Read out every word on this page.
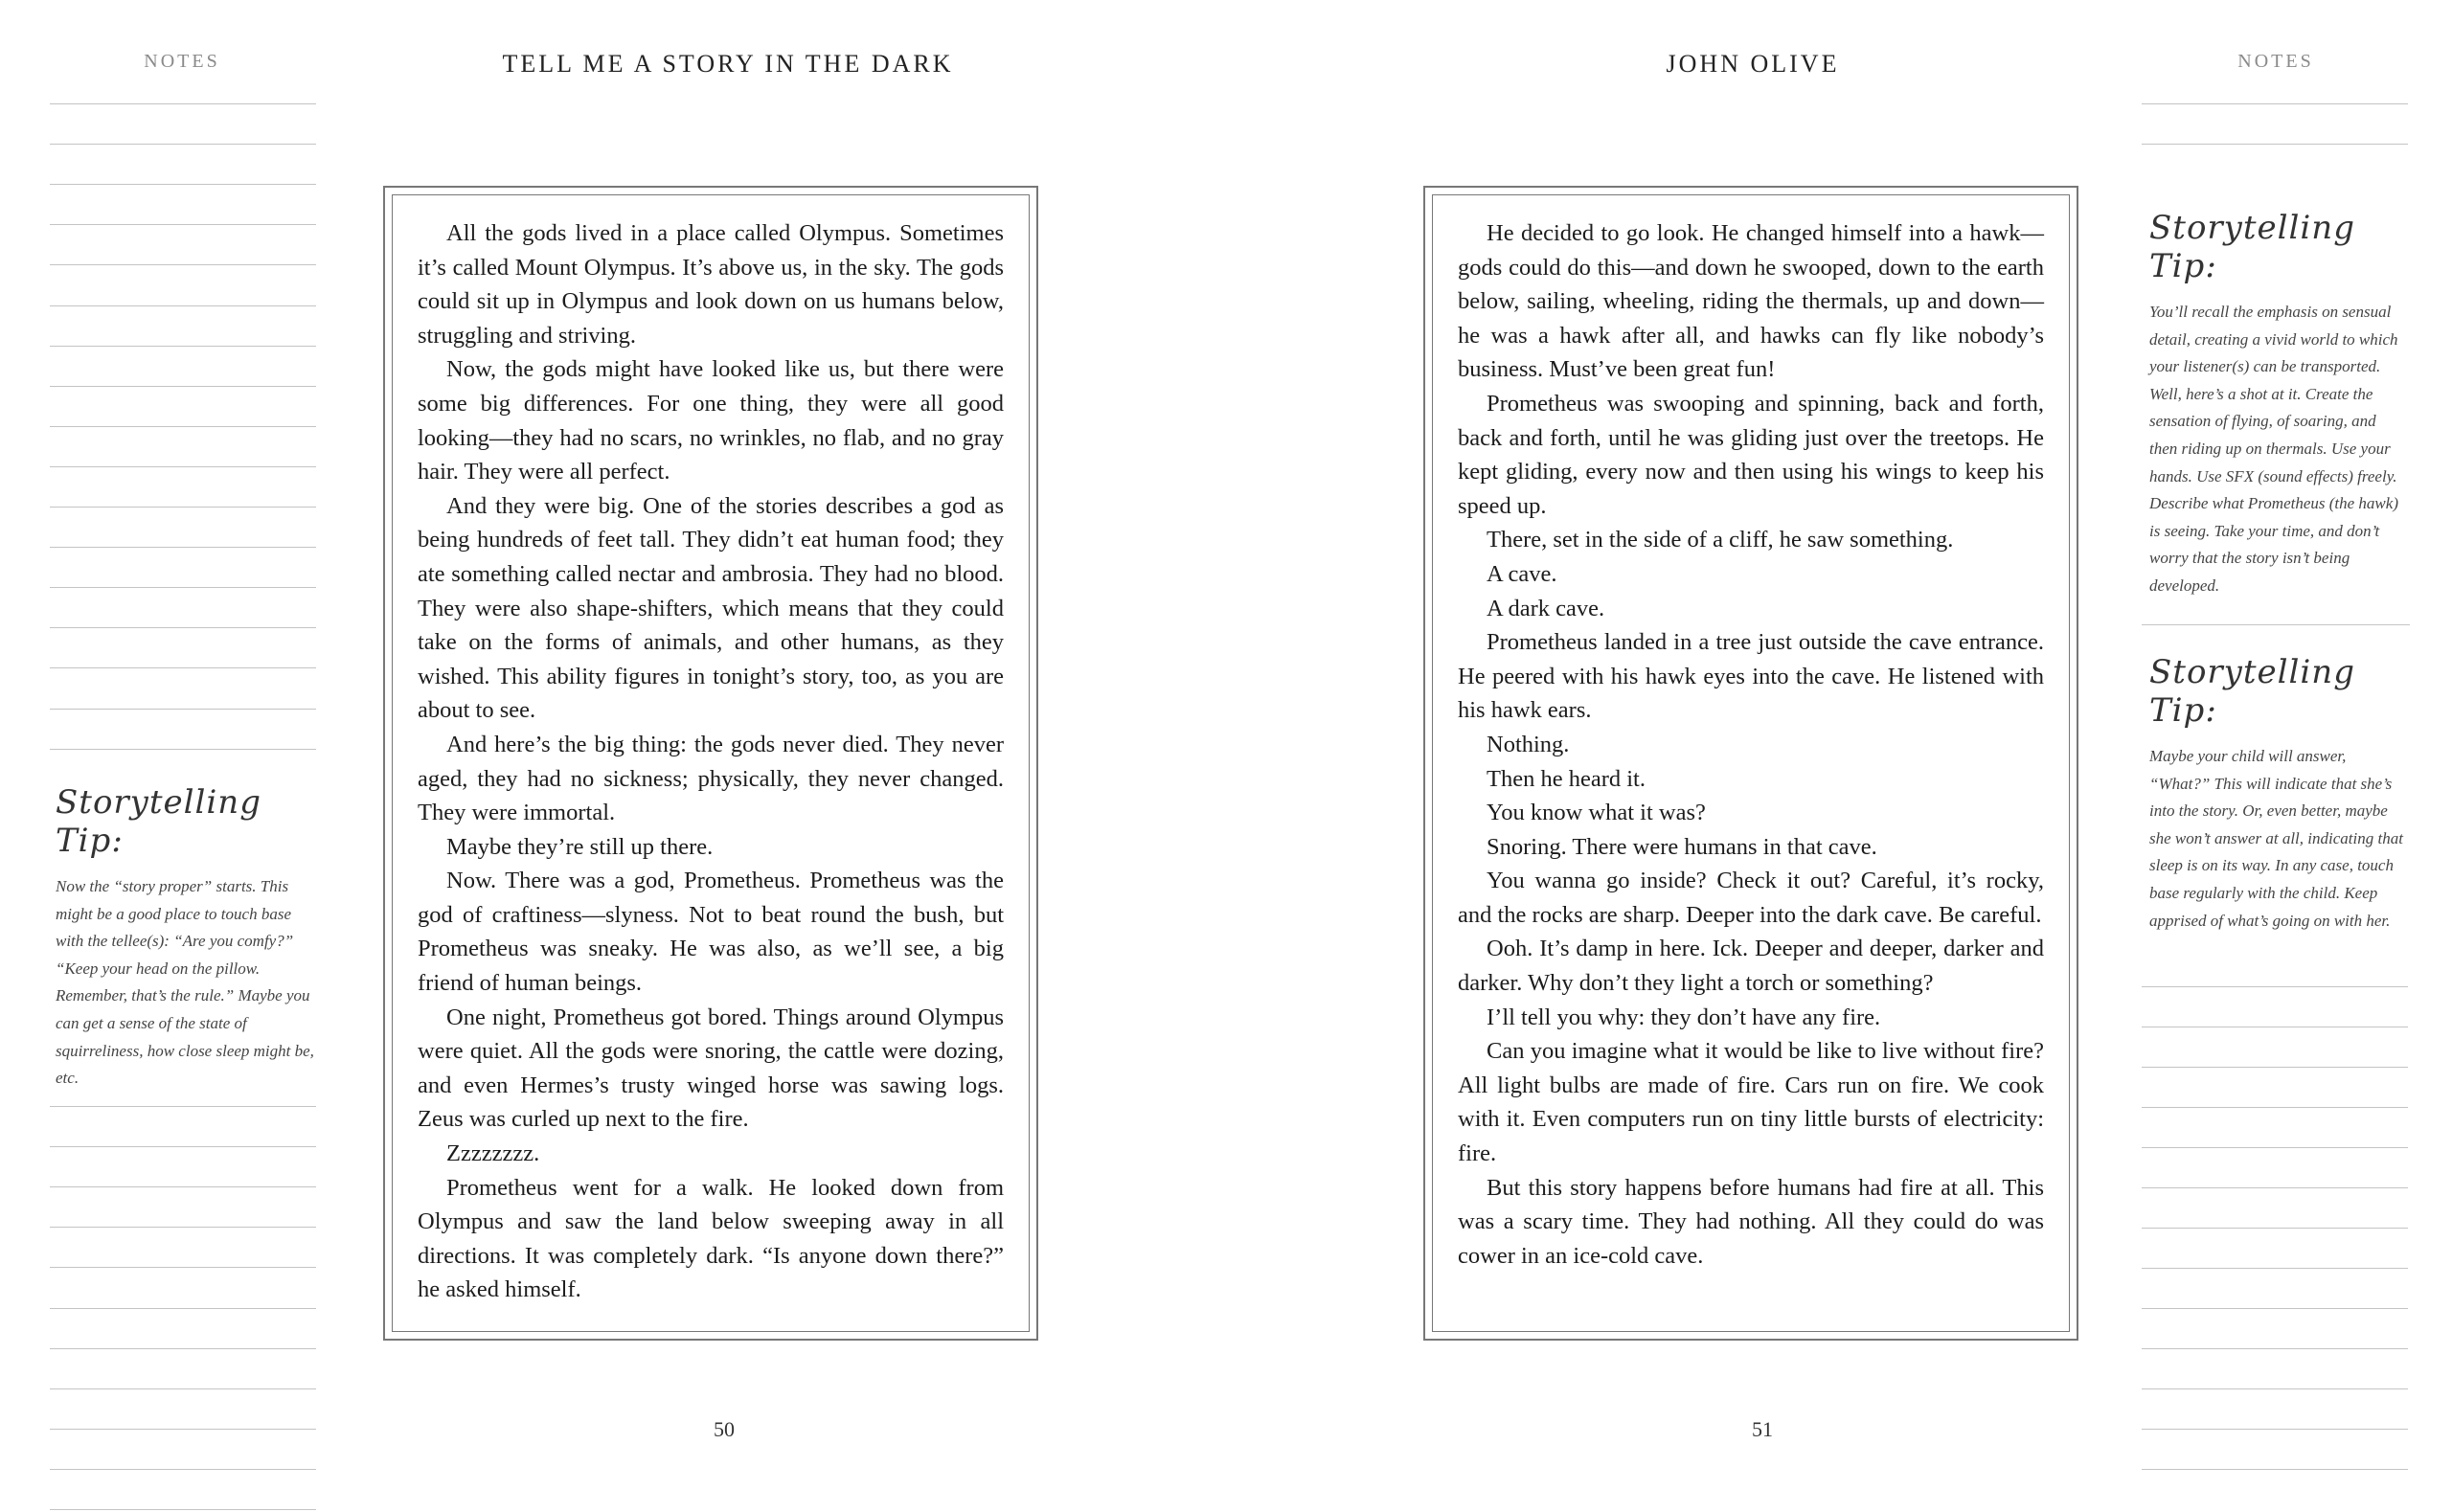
NOTES	TELL ME A STORY IN THE DARK
Storytelling Tip:
Now the “story proper” starts. This might be a good place to touch base with the tellee(s): “Are you comfy?” “Keep your head on the pillow. Remember, that’s the rule.” Maybe you can get a sense of the state of squirreliness, how close sleep might be, etc.

All the gods lived in a place called Olympus. Sometimes it’s called Mount Olympus. It’s above us, in the sky. The gods could sit up in Olympus and look down on us humans below, struggling and striving.

Now, the gods might have looked like us, but there were some big differences. For one thing, they were all good looking—they had no scars, no wrinkles, no flab, and no gray hair. They were all perfect.

And they were big. One of the stories describes a god as being hundreds of feet tall. They didn’t eat human food; they ate something called nectar and ambrosia. They had no blood. They were also shape-shifters, which means that they could take on the forms of animals, and other humans, as they wished. This ability figures in tonight’s story, too, as you are about to see.

And here’s the big thing: the gods never died. They never aged, they had no sickness; physically, they never changed. They were immortal.

Maybe they’re still up there.

Now. There was a god, Prometheus. Prometheus was the god of craftiness—slyness. Not to beat round the bush, but Prometheus was sneaky. He was also, as we’ll see, a big friend of human beings.

One night, Prometheus got bored. Things around Olympus were quiet. All the gods were snoring, the cattle were dozing, and even Hermes’s trusty winged horse was sawing logs. Zeus was curled up next to the fire.

Zzzzzzzz.

Prometheus went for a walk. He looked down from Olympus and saw the land below sweeping away in all directions. It was completely dark. “Is anyone down there?” he asked himself.

50
JOHN OLIVE	NOTES
Storytelling Tip:
You’ll recall the emphasis on sensual detail, creating a vivid world to which your listener(s) can be transported. Well, here’s a shot at it. Create the sensation of flying, of soaring, and then riding up on thermals. Use your hands. Use SFX (sound effects) freely. Describe what Prometheus (the hawk) is seeing. Take your time, and don’t worry that the story isn’t being developed.
Storytelling Tip:
Maybe your child will answer, “What?” This will indicate that she’s into the story. Or, even better, maybe she won’t answer at all, indicating that sleep is on its way. In any case, touch base regularly with the child. Keep apprised of what’s going on with her.

He decided to go look. He changed himself into a hawk—gods could do this—and down he swooped, down to the earth below, sailing, wheeling, riding the thermals, up and down—he was a hawk after all, and hawks can fly like nobody’s business. Must’ve been great fun!

Prometheus was swooping and spinning, back and forth, back and forth, until he was gliding just over the treetops. He kept gliding, every now and then using his wings to keep his speed up.

There, set in the side of a cliff, he saw something.

A cave.

A dark cave.

Prometheus landed in a tree just outside the cave entrance. He peered with his hawk eyes into the cave. He listened with his hawk ears.

Nothing.

Then he heard it.

You know what it was?

Snoring. There were humans in that cave.

You wanna go inside? Check it out? Careful, it’s rocky, and the rocks are sharp. Deeper into the dark cave. Be careful.

Ooh. It’s damp in here. Ick. Deeper and deeper, darker and darker. Why don’t they light a torch or something?

I’ll tell you why: they don’t have any fire.

Can you imagine what it would be like to live without fire? All light bulbs are made of fire. Cars run on fire. We cook with it. Even computers run on tiny little bursts of electricity: fire.

But this story happens before humans had fire at all. This was a scary time. They had nothing. All they could do was cower in an ice-cold cave.

51
